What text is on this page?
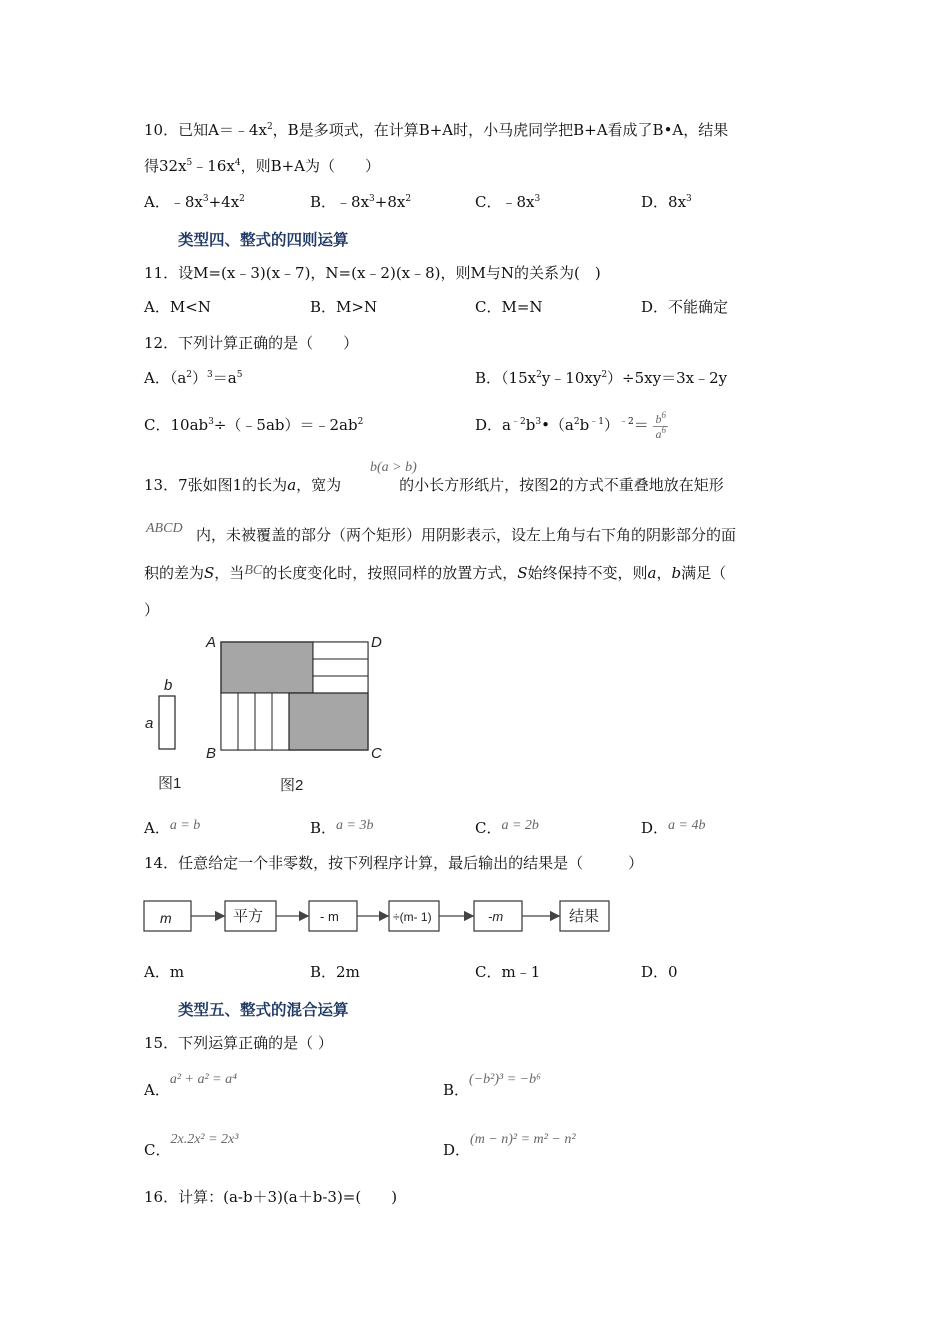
10．已知$A=﹣4x^2$，B是多项式，在计算B+A时，小马虎同学把B+A看成了B•A，结果
得$32x^5﹣16x^4$，则B+A为（　　）
A．$﹣8x^3+4x^2$	B．$﹣8x^3+8x^2$	C．$﹣8x^3$	D．$8x^3$
类型四、整式的四则运算
11．设M=(x﹣3)(x﹣7)，N=(x﹣2)(x﹣8)，则M与N的关系为(　)
A．M<N	B．M>N	C．M=N	D．不能确定
12．下列计算正确的是（　　）
A．$(a^2)^3=a^5$	B．$(15x^2y﹣10xy^2)\div 5xy=3x﹣2y$
C．$10ab^3\div(﹣5ab)=﹣2ab^2$	D．$a^{﹣2}b^3•(a^2b^{﹣1})^{﹣2}= \frac{b^6}{a^6}$
b(a > b)
13．7张如图1的长为a，宽为	的小长方形纸片，按图2的方式不重叠地放在矩形
ABCD 内，未被覆盖的部分（两个矩形）用阴影表示，设左上角与右下角的阴影部分的面
积的差为S，当BC的长度变化时，按照同样的放置方式，S始终保持不变，则a，b满足（
）
b
a
图1
A	D
B	C
图2
A．a = b	B．a = 3b	C．a = 2b	D．a = 4b
14．任意给定一个非零数，按下列程序计算，最后输出的结果是（　　　）
m	平方	- m	÷(m- 1)	-m	结果
A．m	B．2m	C．m﹣1	D．0
类型五、整式的混合运算
15．下列运算正确的是（ ）
A．a² + a² = a⁴
B．(−b²)³ = −b⁶
C．2x.2x² = 2x³
D．(m − n)² = m² − n²
16．计算：(a-b＋3)(a＋b-3)=(　　)
